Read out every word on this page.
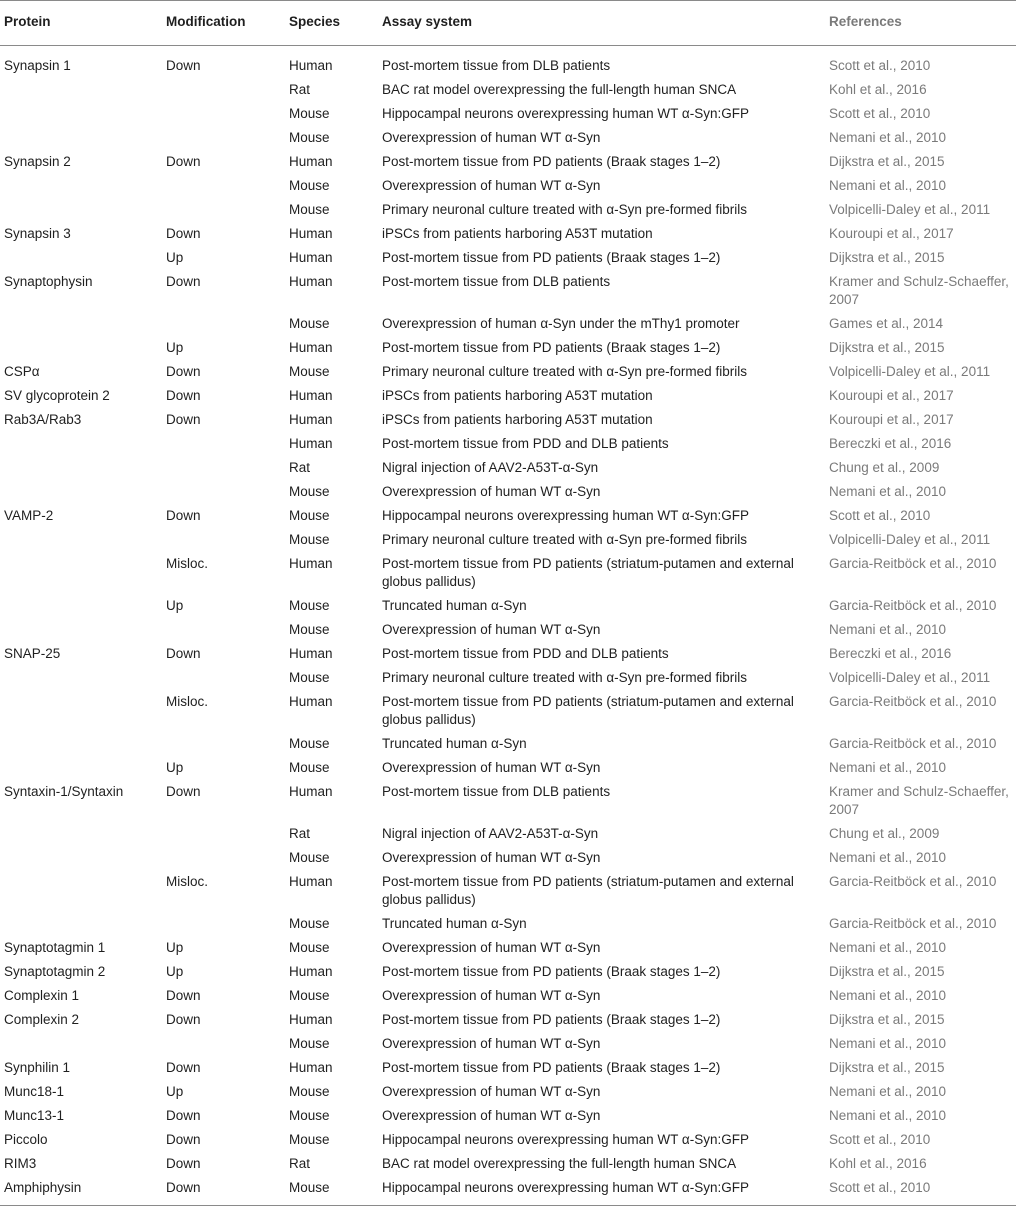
Protein	Modification	Species	Assay system	References
Synapsin 1	Down	Human	Post-mortem tissue from DLB patients	Scott et al., 2010
		Rat	BAC rat model overexpressing the full-length human SNCA	Kohl et al., 2016
		Mouse	Hippocampal neurons overexpressing human WT α-Syn:GFP	Scott et al., 2010
		Mouse	Overexpression of human WT α-Syn	Nemani et al., 2010
Synapsin 2	Down	Human	Post-mortem tissue from PD patients (Braak stages 1–2)	Dijkstra et al., 2015
		Mouse	Overexpression of human WT α-Syn	Nemani et al., 2010
		Mouse	Primary neuronal culture treated with α-Syn pre-formed fibrils	Volpicelli-Daley et al., 2011
Synapsin 3	Down	Human	iPSCs from patients harboring A53T mutation	Kouroupi et al., 2017
	Up	Human	Post-mortem tissue from PD patients (Braak stages 1–2)	Dijkstra et al., 2015
Synaptophysin	Down	Human	Post-mortem tissue from DLB patients	Kramer and Schulz-Schaeffer, 2007
		Mouse	Overexpression of human α-Syn under the mThy1 promoter	Games et al., 2014
	Up	Human	Post-mortem tissue from PD patients (Braak stages 1–2)	Dijkstra et al., 2015
CSPα	Down	Mouse	Primary neuronal culture treated with α-Syn pre-formed fibrils	Volpicelli-Daley et al., 2011
SV glycoprotein 2	Down	Human	iPSCs from patients harboring A53T mutation	Kouroupi et al., 2017
Rab3A/Rab3	Down	Human	iPSCs from patients harboring A53T mutation	Kouroupi et al., 2017
		Human	Post-mortem tissue from PDD and DLB patients	Bereczki et al., 2016
		Rat	Nigral injection of AAV2-A53T-α-Syn	Chung et al., 2009
		Mouse	Overexpression of human WT α-Syn	Nemani et al., 2010
VAMP-2	Down	Mouse	Hippocampal neurons overexpressing human WT α-Syn:GFP	Scott et al., 2010
		Mouse	Primary neuronal culture treated with α-Syn pre-formed fibrils	Volpicelli-Daley et al., 2011
	Misloc.	Human	Post-mortem tissue from PD patients (striatum-putamen and external globus pallidus)	Garcia-Reitböck et al., 2010
	Up	Mouse	Truncated human α-Syn	Garcia-Reitböck et al., 2010
		Mouse	Overexpression of human WT α-Syn	Nemani et al., 2010
SNAP-25	Down	Human	Post-mortem tissue from PDD and DLB patients	Bereczki et al., 2016
		Mouse	Primary neuronal culture treated with α-Syn pre-formed fibrils	Volpicelli-Daley et al., 2011
	Misloc.	Human	Post-mortem tissue from PD patients (striatum-putamen and external globus pallidus)	Garcia-Reitböck et al., 2010
		Mouse	Truncated human α-Syn	Garcia-Reitböck et al., 2010
	Up	Mouse	Overexpression of human WT α-Syn	Nemani et al., 2010
Syntaxin-1/Syntaxin	Down	Human	Post-mortem tissue from DLB patients	Kramer and Schulz-Schaeffer, 2007
		Rat	Nigral injection of AAV2-A53T-α-Syn	Chung et al., 2009
		Mouse	Overexpression of human WT α-Syn	Nemani et al., 2010
	Misloc.	Human	Post-mortem tissue from PD patients (striatum-putamen and external globus pallidus)	Garcia-Reitböck et al., 2010
		Mouse	Truncated human α-Syn	Garcia-Reitböck et al., 2010
Synaptotagmin 1	Up	Mouse	Overexpression of human WT α-Syn	Nemani et al., 2010
Synaptotagmin 2	Up	Human	Post-mortem tissue from PD patients (Braak stages 1–2)	Dijkstra et al., 2015
Complexin 1	Down	Mouse	Overexpression of human WT α-Syn	Nemani et al., 2010
Complexin 2	Down	Human	Post-mortem tissue from PD patients (Braak stages 1–2)	Dijkstra et al., 2015
		Mouse	Overexpression of human WT α-Syn	Nemani et al., 2010
Synphilin 1	Down	Human	Post-mortem tissue from PD patients (Braak stages 1–2)	Dijkstra et al., 2015
Munc18-1	Up	Mouse	Overexpression of human WT α-Syn	Nemani et al., 2010
Munc13-1	Down	Mouse	Overexpression of human WT α-Syn	Nemani et al., 2010
Piccolo	Down	Mouse	Hippocampal neurons overexpressing human WT α-Syn:GFP	Scott et al., 2010
RIM3	Down	Rat	BAC rat model overexpressing the full-length human SNCA	Kohl et al., 2016
Amphiphysin	Down	Mouse	Hippocampal neurons overexpressing human WT α-Syn:GFP	Scott et al., 2010
